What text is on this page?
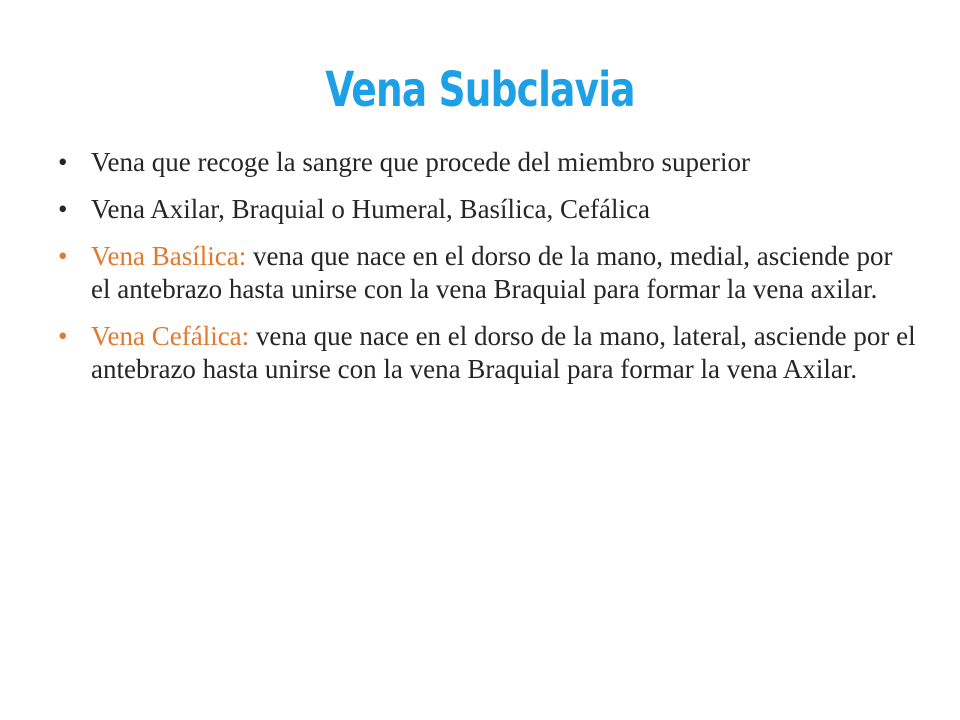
Vena Subclavia
• Vena que recoge la sangre que procede del miembro superior
• Vena Axilar, Braquial o Humeral, Basílica, Cefálica
• Vena Basílica: vena que nace en el dorso de la mano, medial, asciende por el antebrazo hasta unirse con la vena Braquial para formar la vena axilar.
• Vena Cefálica: vena que nace en el dorso de la mano, lateral, asciende por el antebrazo hasta unirse con la vena Braquial para formar la vena Axilar.
